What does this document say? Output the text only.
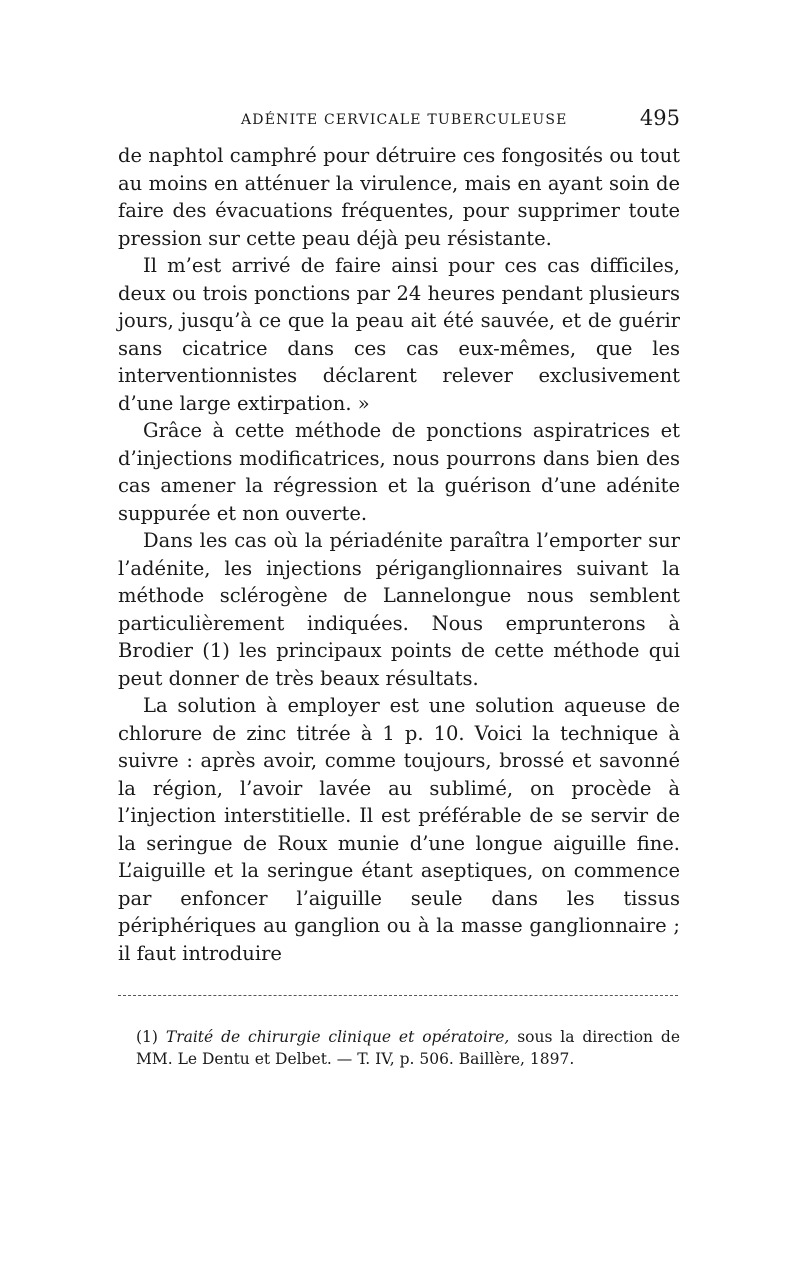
ADÉNITE CERVICALE TUBERCULEUSE	495

de naphtol camphré pour détruire ces fongosités ou tout au moins en atténuer la virulence, mais en ayant soin de faire des évacuations fréquentes, pour supprimer toute pression sur cette peau déjà peu résistante.

Il m’est arrivé de faire ainsi pour ces cas difficiles, deux ou trois ponctions par 24 heures pendant plusieurs jours, jusqu’à ce que la peau ait été sauvée, et de guérir sans cicatrice dans ces cas eux-mêmes, que les interventionnistes déclarent relever exclusivement d’une large extirpation. »

Grâce à cette méthode de ponctions aspiratrices et d’injections modificatrices, nous pourrons dans bien des cas amener la régression et la guérison d’une adénite suppurée et non ouverte.

Dans les cas où la périadénite paraîtra l’emporter sur l’adénite, les injections périganglionnaires suivant la méthode sclérogène de Lannelongue nous semblent particulièrement indiquées. Nous emprunterons à Brodier (1) les principaux points de cette méthode qui peut donner de très beaux résultats.

La solution à employer est une solution aqueuse de chlorure de zinc titrée à 1 p. 10. Voici la technique à suivre : après avoir, comme toujours, brossé et savonné la région, l’avoir lavée au sublimé, on procède à l’injection interstitielle. Il est préférable de se servir de la seringue de Roux munie d’une longue aiguille fine. L’aiguille et la seringue étant aseptiques, on commence par enfoncer l’aiguille seule dans les tissus périphériques au ganglion ou à la masse ganglionnaire ; il faut introduire

(1) Traité de chirurgie clinique et opératoire, sous la direction de MM. Le Dentu et Delbet. — T. IV, p. 506. Baillère, 1897.
